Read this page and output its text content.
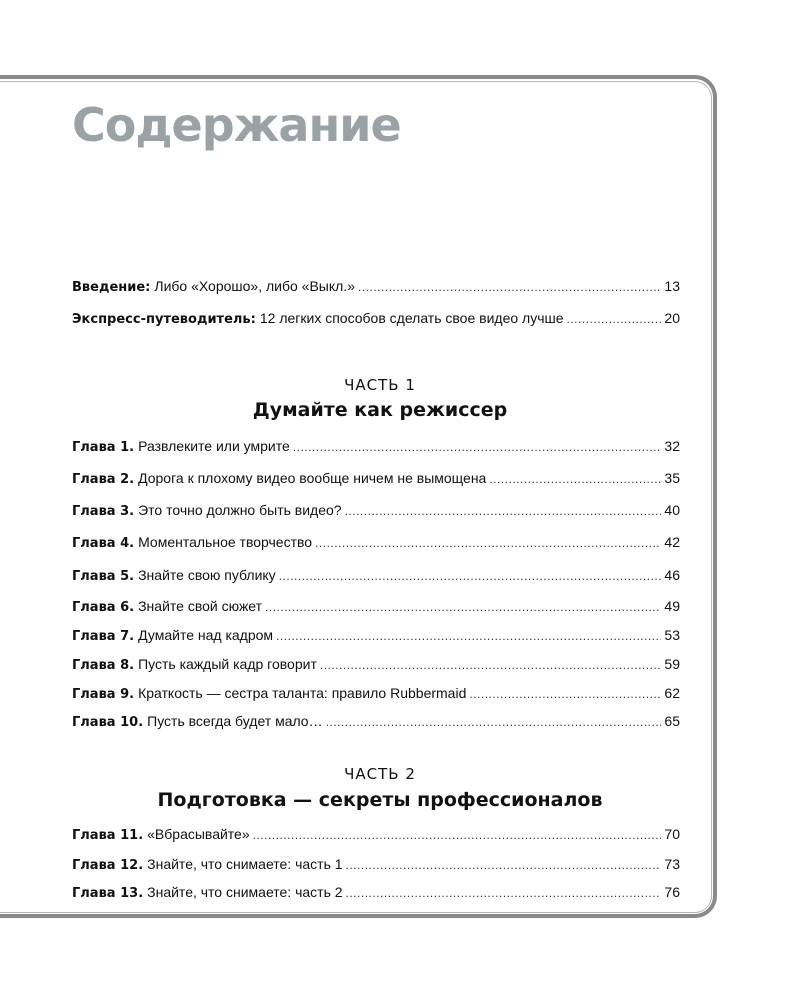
Содержание
Введение: Либо «Хорошо», либо «Выкл.» .....	13
Экспресс-путеводитель: 12 легких способов сделать свое видео лучше .....	20
ЧАСТЬ 1
Думайте как режиссер
Глава 1. Развлеките или умрите .....	32
Глава 2. Дорога к плохому видео вообще ничем не вымощена .....	35
Глава 3. Это точно должно быть видео? .....	40
Глава 4. Моментальное творчество .....	42
Глава 5. Знайте свою публику .....	46
Глава 6. Знайте свой сюжет .....	49
Глава 7. Думайте над кадром .....	53
Глава 8. Пусть каждый кадр говорит .....	59
Глава 9. Краткость — сестра таланта: правило Rubbermaid .....	62
Глава 10. Пусть всегда будет мало… .....	65
ЧАСТЬ 2
Подготовка — секреты профессионалов
Глава 11. «Вбрасывайте» .....	70
Глава 12. Знайте, что снимаете: часть 1 .....	73
Глава 13. Знайте, что снимаете: часть 2 .....	76
